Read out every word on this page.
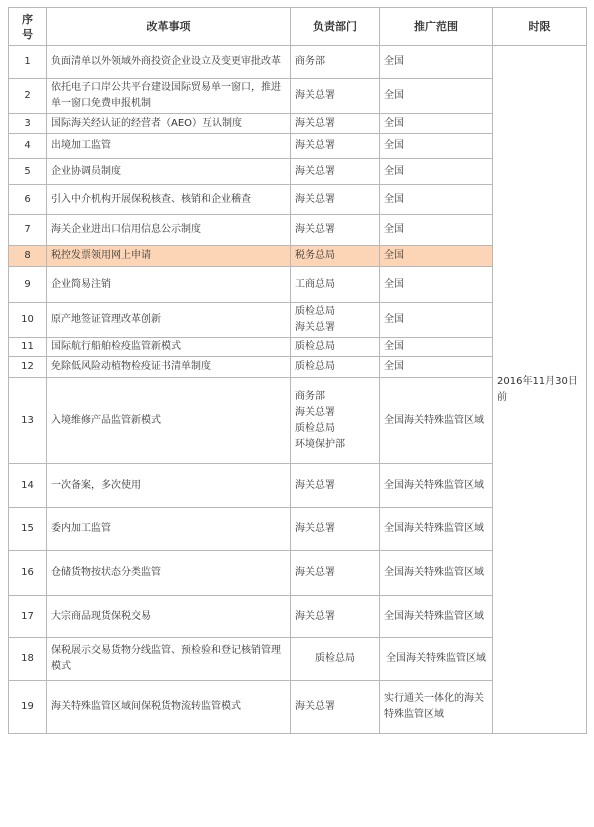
序
号	改革事项	负责部门	推广范围	时限
1	负面清单以外领域外商投资企业设立及变更审批改革	商务部	全国	2016年11月30日前
2	依托电子口岸公共平台建设国际贸易单一窗口，推进单一窗口免费申报机制	海关总署	全国	
3	国际海关经认证的经营者（AEO）互认制度	海关总署	全国	
4	出境加工监管	海关总署	全国	
5	企业协调员制度	海关总署	全国	
6	引入中介机构开展保税核查、核销和企业稽查	海关总署	全国	
7	海关企业进出口信用信息公示制度	海关总署	全国	
8	税控发票领用网上申请	税务总局	全国	
9	企业简易注销	工商总局	全国	
10	原产地签证管理改革创新	质检总局
海关总署	全国	
11	国际航行船舶检疫监管新模式	质检总局	全国	
12	免除低风险动植物检疫证书清单制度	质检总局	全国	
13	入境维修产品监管新模式	商务部
海关总署
质检总局
环境保护部	全国海关特殊监管区域	
14	一次备案，多次使用	海关总署	全国海关特殊监管区域	
15	委内加工监管	海关总署	全国海关特殊监管区域	
16	仓储货物按状态分类监管	海关总署	全国海关特殊监管区域	
17	大宗商品现货保税交易	海关总署	全国海关特殊监管区域	
18	保税展示交易货物分线监管、预检验和登记核销管理模式	质检总局	全国海关特殊监管区域	
19	海关特殊监管区域间保税货物流转监管模式	海关总署	实行通关一体化的海关特殊监管区域	
